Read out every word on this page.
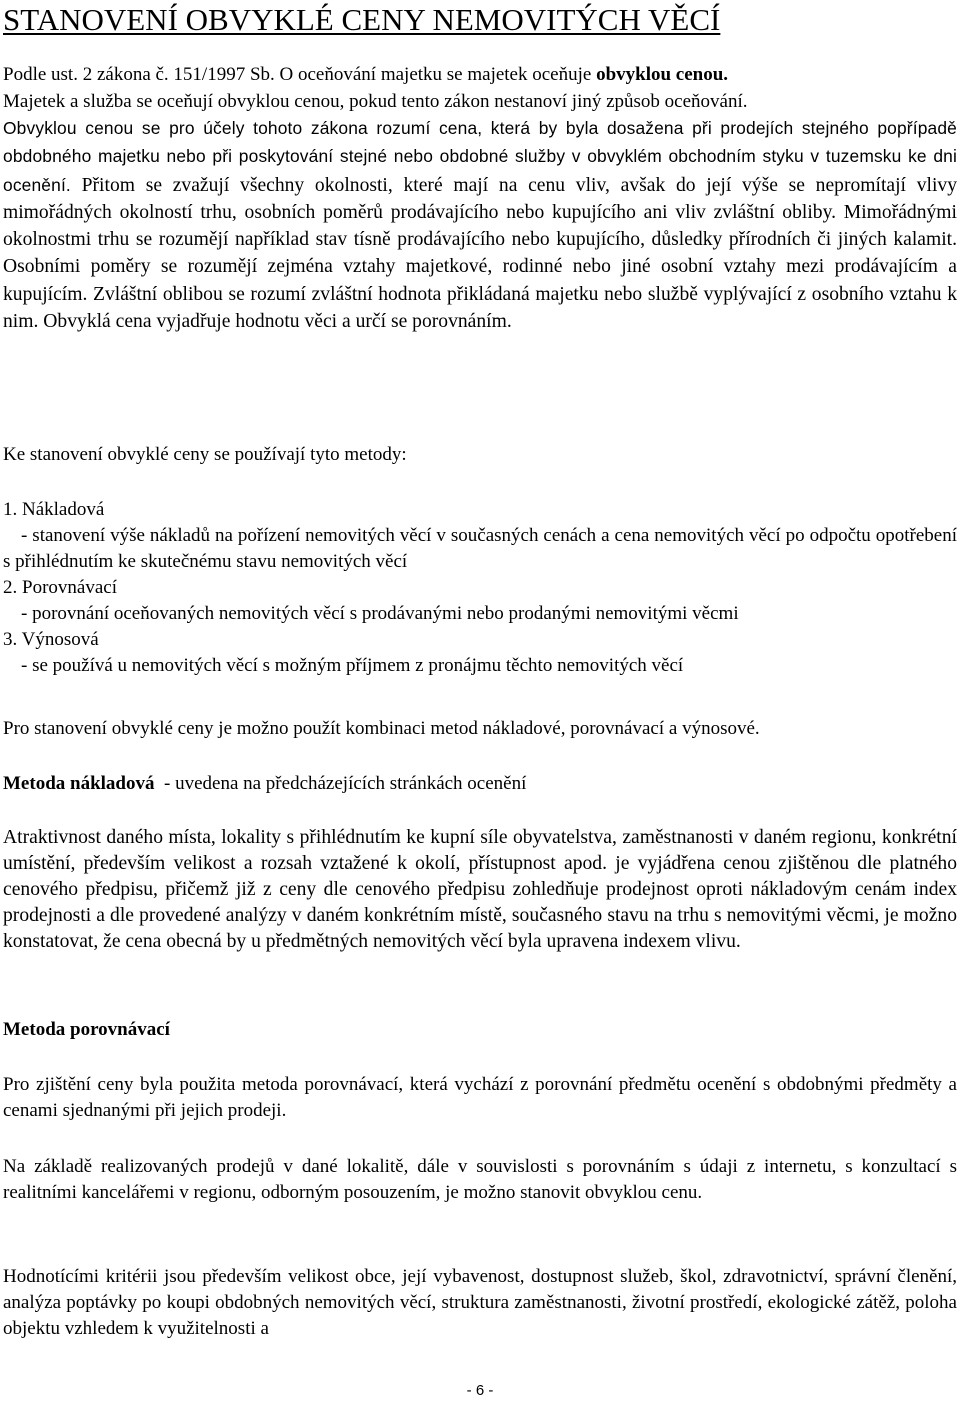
STANOVENÍ OBVYKLÉ CENY NEMOVITÝCH VĚCÍ

Podle ust. 2 zákona č. 151/1997 Sb. O oceňování majetku se majetek oceňuje obvyklou cenou.

Majetek a služba se oceňují obvyklou cenou, pokud tento zákon nestanoví jiný způsob oceňování.

Obvyklou cenou se pro účely tohoto zákona rozumí cena, která by byla dosažena při prodejích stejného popřípadě obdobného majetku nebo při poskytování stejné nebo obdobné služby v obvyklém obchodním styku v tuzemsku ke dni ocenění. Přitom se zvažují všechny okolnosti, které mají na cenu vliv, avšak do její výše se nepromítají vlivy mimořádných okolností trhu, osobních poměrů prodávajícího nebo kupujícího ani vliv zvláštní obliby. Mimořádnými okolnostmi trhu se rozumějí například stav tísně prodávajícího nebo kupujícího, důsledky přírodních či jiných kalamit. Osobními poměry se rozumějí zejména vztahy majetkové, rodinné nebo jiné osobní vztahy mezi prodávajícím a kupujícím. Zvláštní oblibou se rozumí zvláštní hodnota přikládaná majetku nebo službě vyplývající z osobního vztahu k nim. Obvyklá cena vyjadřuje hodnotu věci a určí se porovnáním.

Ke stanovení obvyklé ceny se používají tyto metody:

1. Nákladová
- stanovení výše nákladů na pořízení nemovitých věcí v současných cenách a cena nemovitých věcí po odpočtu opotřebení s přihlédnutím ke skutečnému stavu nemovitých věcí
2. Porovnávací
- porovnání oceňovaných nemovitých věcí s prodávanými nebo prodanými nemovitými věcmi
3. Výnosová
- se používá u nemovitých věcí s možným příjmem z pronájmu těchto nemovitých věcí

Pro stanovení obvyklé ceny je možno použít kombinaci metod nákladové, porovnávací a výnosové.

Metoda nákladová  - uvedena na předcházejících stránkách ocenění

Atraktivnost daného místa, lokality s přihlédnutím ke kupní síle obyvatelstva, zaměstnanosti v daném regionu, konkrétní umístění, především velikost a rozsah vztažené k okolí, přístupnost apod. je vyjádřena cenou zjištěnou dle platného cenového předpisu, přičemž již z ceny dle cenového předpisu zohledňuje prodejnost oproti nákladovým cenám index prodejnosti a dle provedené analýzy v daném konkrétním místě, současného stavu na trhu s nemovitými věcmi, je možno konstatovat, že cena obecná by u předmětných nemovitých věcí byla upravena indexem vlivu.

Metoda porovnávací

Pro zjištění ceny byla použita metoda porovnávací, která vychází z porovnání předmětu ocenění s obdobnými předměty a cenami sjednanými při jejich prodeji.

Na základě realizovaných prodejů v dané lokalitě, dále v souvislosti s porovnáním s údaji z internetu, s konzultací s realitními kancelářemi v regionu, odborným posouzením, je možno stanovit obvyklou cenu.

Hodnotícími kritérii jsou především velikost obce, její vybavenost, dostupnost služeb, škol, zdravotnictví, správní členění, analýza poptávky po koupi obdobných nemovitých věcí, struktura zaměstnanosti, životní prostředí, ekologické zátěž, poloha objektu vzhledem k využitelnosti a

- 6 -
